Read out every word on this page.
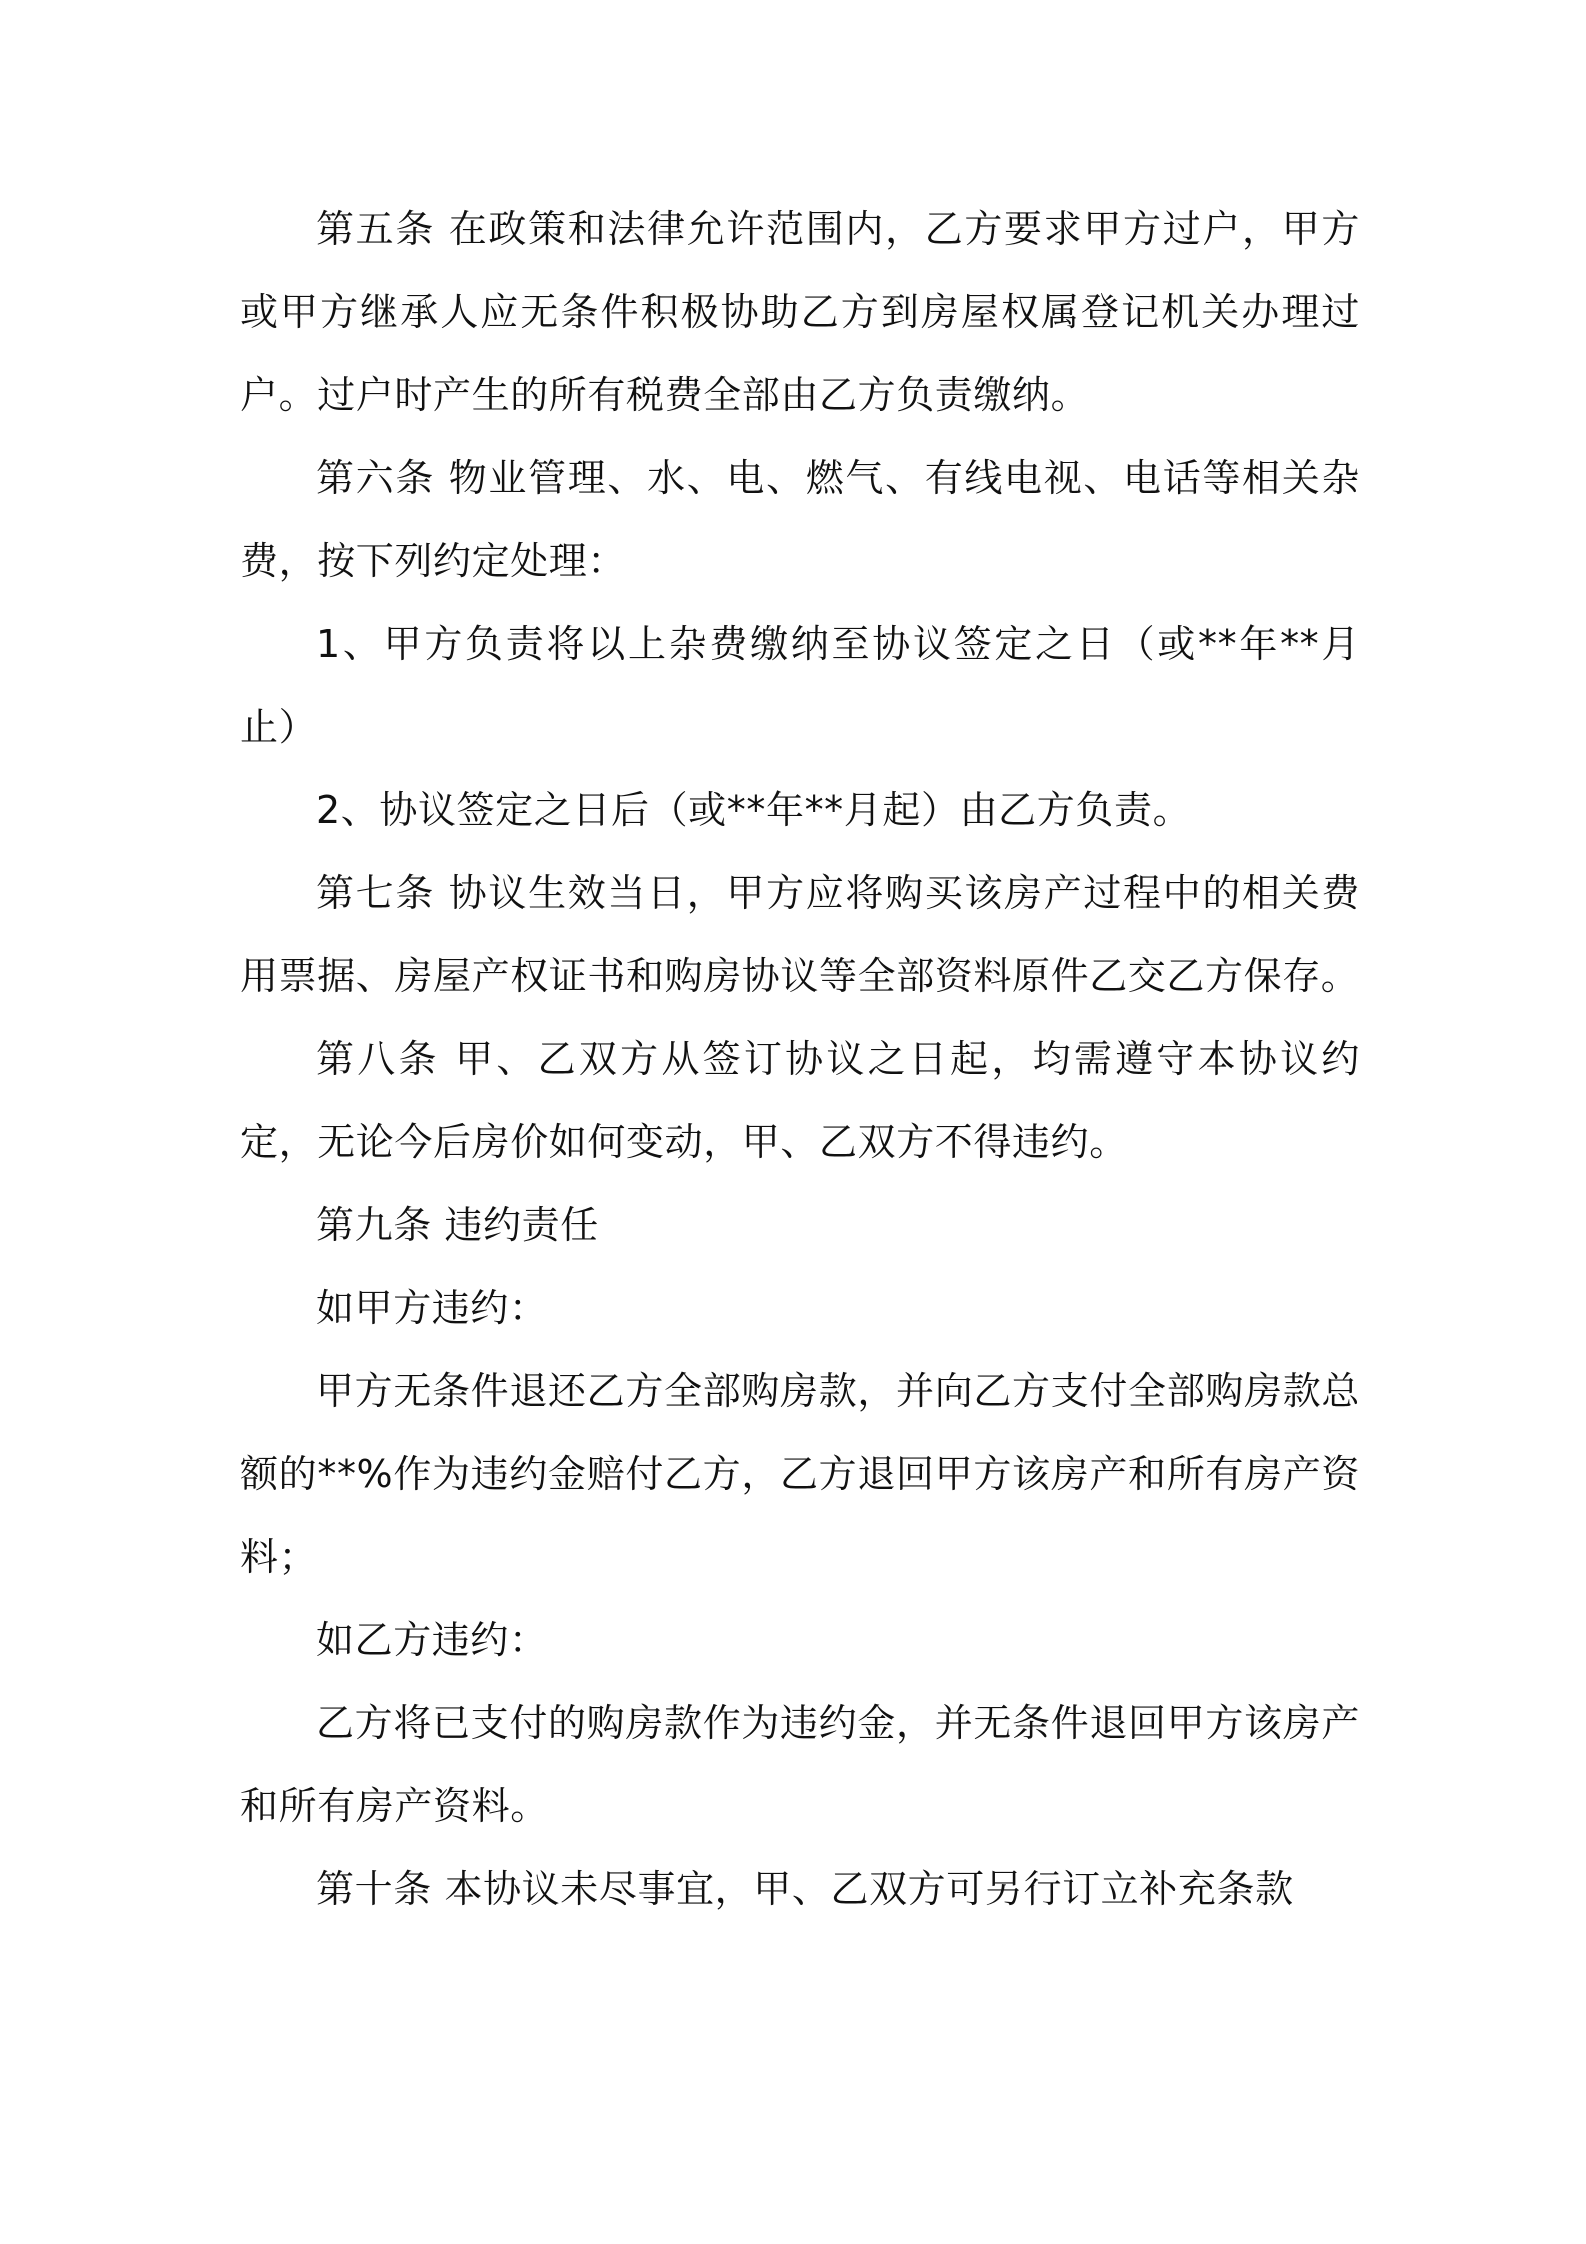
第五条 在政策和法律允许范围内，乙方要求甲方过户，甲方或甲方继承人应无条件积极协助乙方到房屋权属登记机关办理过户。过户时产生的所有税费全部由乙方负责缴纳。

第六条 物业管理、水、电、燃气、有线电视、电话等相关杂费，按下列约定处理：

1、甲方负责将以上杂费缴纳至协议签定之日（或**年**月止）

2、协议签定之日后（或**年**月起）由乙方负责。

第七条 协议生效当日，甲方应将购买该房产过程中的相关费用票据、房屋产权证书和购房协议等全部资料原件乙交乙方保存。

第八条 甲、乙双方从签订协议之日起，均需遵守本协议约定，无论今后房价如何变动，甲、乙双方不得违约。

第九条 违约责任

如甲方违约：

甲方无条件退还乙方全部购房款，并向乙方支付全部购房款总额的**%作为违约金赔付乙方，乙方退回甲方该房产和所有房产资料；

如乙方违约：

乙方将已支付的购房款作为违约金，并无条件退回甲方该房产和所有房产资料。

第十条 本协议未尽事宜，甲、乙双方可另行订立补充条款
